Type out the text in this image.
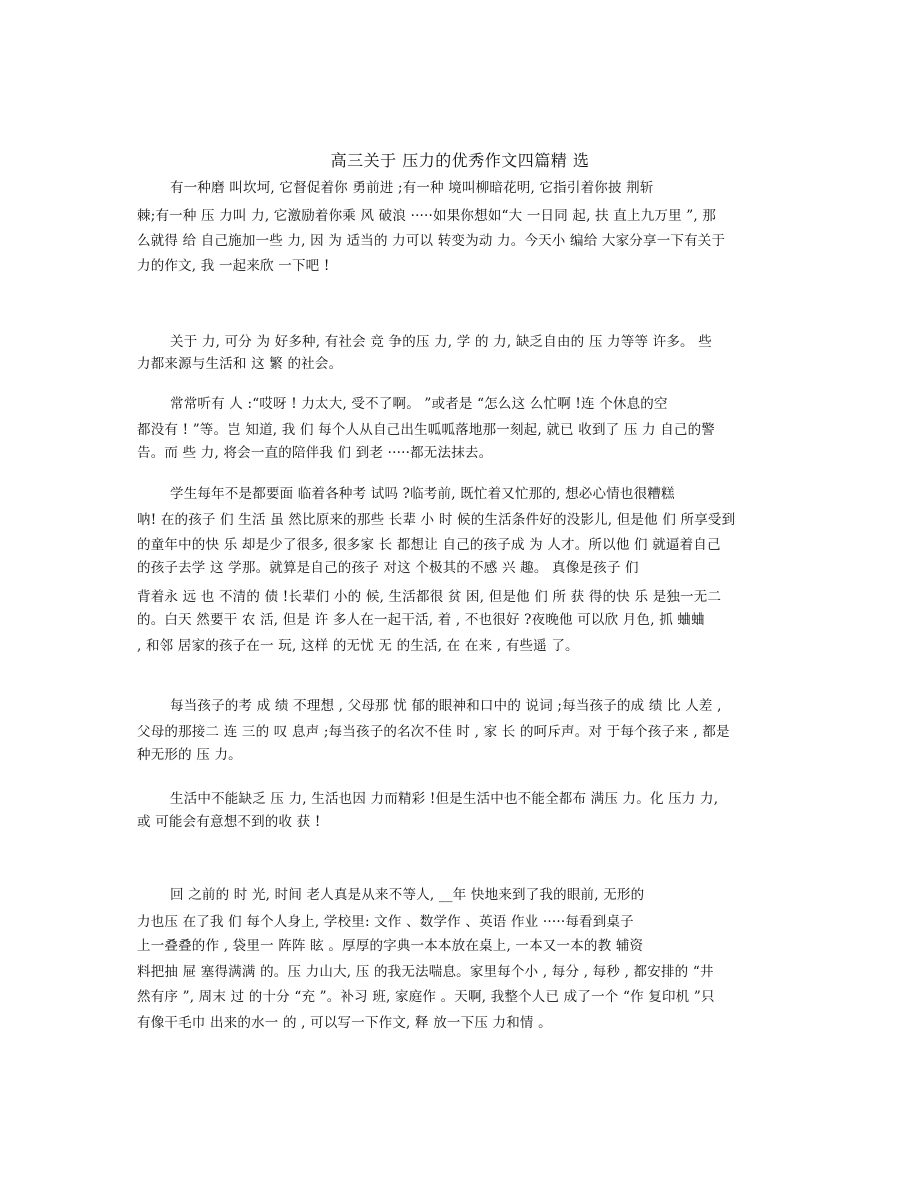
高三关于 压力的优秀作文四篇精 选
有一种磨 叫坎坷, 它督促着你 勇前进 ;有一种 境叫柳暗花明, 它指引着你披 荆斩
棘;有一种 压 力叫 力, 它激励着你乘 风 破浪 ·····如果你想如“大 一日同 起, 扶 直上九万里 ”, 那
么就得 给 自己施加一些 力, 因 为 适当的 力可以 转变为动 力。今天小 编给 大家分享一下有关于
力的作文, 我 一起来欣 一下吧 !
关于 力, 可分 为 好多种, 有社会 竞 争的压 力, 学 的 力, 缺乏自由的 压 力等等 许多。 些
力都来源与生活和 这 繁 的社会。
常常听有 人 :“哎呀 ! 力太大, 受不了啊。 ”或者是 “怎么这 么忙啊 !连 个休息的空
都没有 ! ”等。岂 知道, 我 们 每个人从自己出生呱呱落地那一刻起, 就已 收到了 压 力 自己的警
告。而 些 力, 将会一直的陪伴我 们 到老 ·····都无法抹去。
学生每年不是都要面 临着各种考 试吗 ?临考前, 既忙着又忙那的, 想必心情也很糟糕
呐! 在的孩子 们 生活 虽 然比原来的那些 长辈 小 时 候的生活条件好的没影儿, 但是他 们 所享受到
的童年中的快 乐 却是少了很多, 很多家 长 都想让 自己的孩子成 为 人才。所以他 们 就逼着自己
的孩子去学 这 学那。就算是自己的孩子 对这 个极其的不感 兴 趣。 真像是孩子 们
背着永 远 也 不清的 债 !长辈们 小的 候, 生活都很 贫 困, 但是他 们 所 获 得的快 乐 是独一无二
的。白天 然要干 农 活, 但是 许 多人在一起干活, 着 , 不也很好 ?夜晚他 可以欣 月色, 抓 蛐蛐
, 和邻 居家的孩子在一 玩, 这样 的无忧 无 的生活, 在 在来 , 有些遥 了。
每当孩子的考 成 绩 不理想 , 父母那 忧 郁的眼神和口中的 说词 ;每当孩子的成 绩 比 人差 ,
父母的那接二 连 三的 叹 息声 ;每当孩子的名次不佳 时 , 家 长 的呵斥声。对 于每个孩子来 , 都是
种无形的 压 力。
生活中不能缺乏 压 力, 生活也因 力而精彩 !但是生活中也不能全都布 满压 力。化 压力 力,
或 可能会有意想不到的收 获 !
回 之前的 时 光, 时间 老人真是从来不等人, __年 快地来到了我的眼前, 无形的
力也压 在了我 们 每个人身上, 学校里: 文作 、数学作 、英语 作业 ·····每看到桌子
上一叠叠的作 , 袋里一 阵阵 眩 。厚厚的字典一本本放在桌上, 一本又一本的教 辅资
料把抽 屉 塞得满满 的。压 力山大, 压 的我无法喘息。家里每个小 , 每分 , 每秒 , 都安排的 “井
然有序 ”, 周末 过 的十分 “充 ”。补习 班, 家庭作 。天啊, 我整个人已 成了一个 “作 复印机 ”只
有像干毛巾 出来的水一 的 , 可以写一下作文, 释 放一下压 力和情 。
